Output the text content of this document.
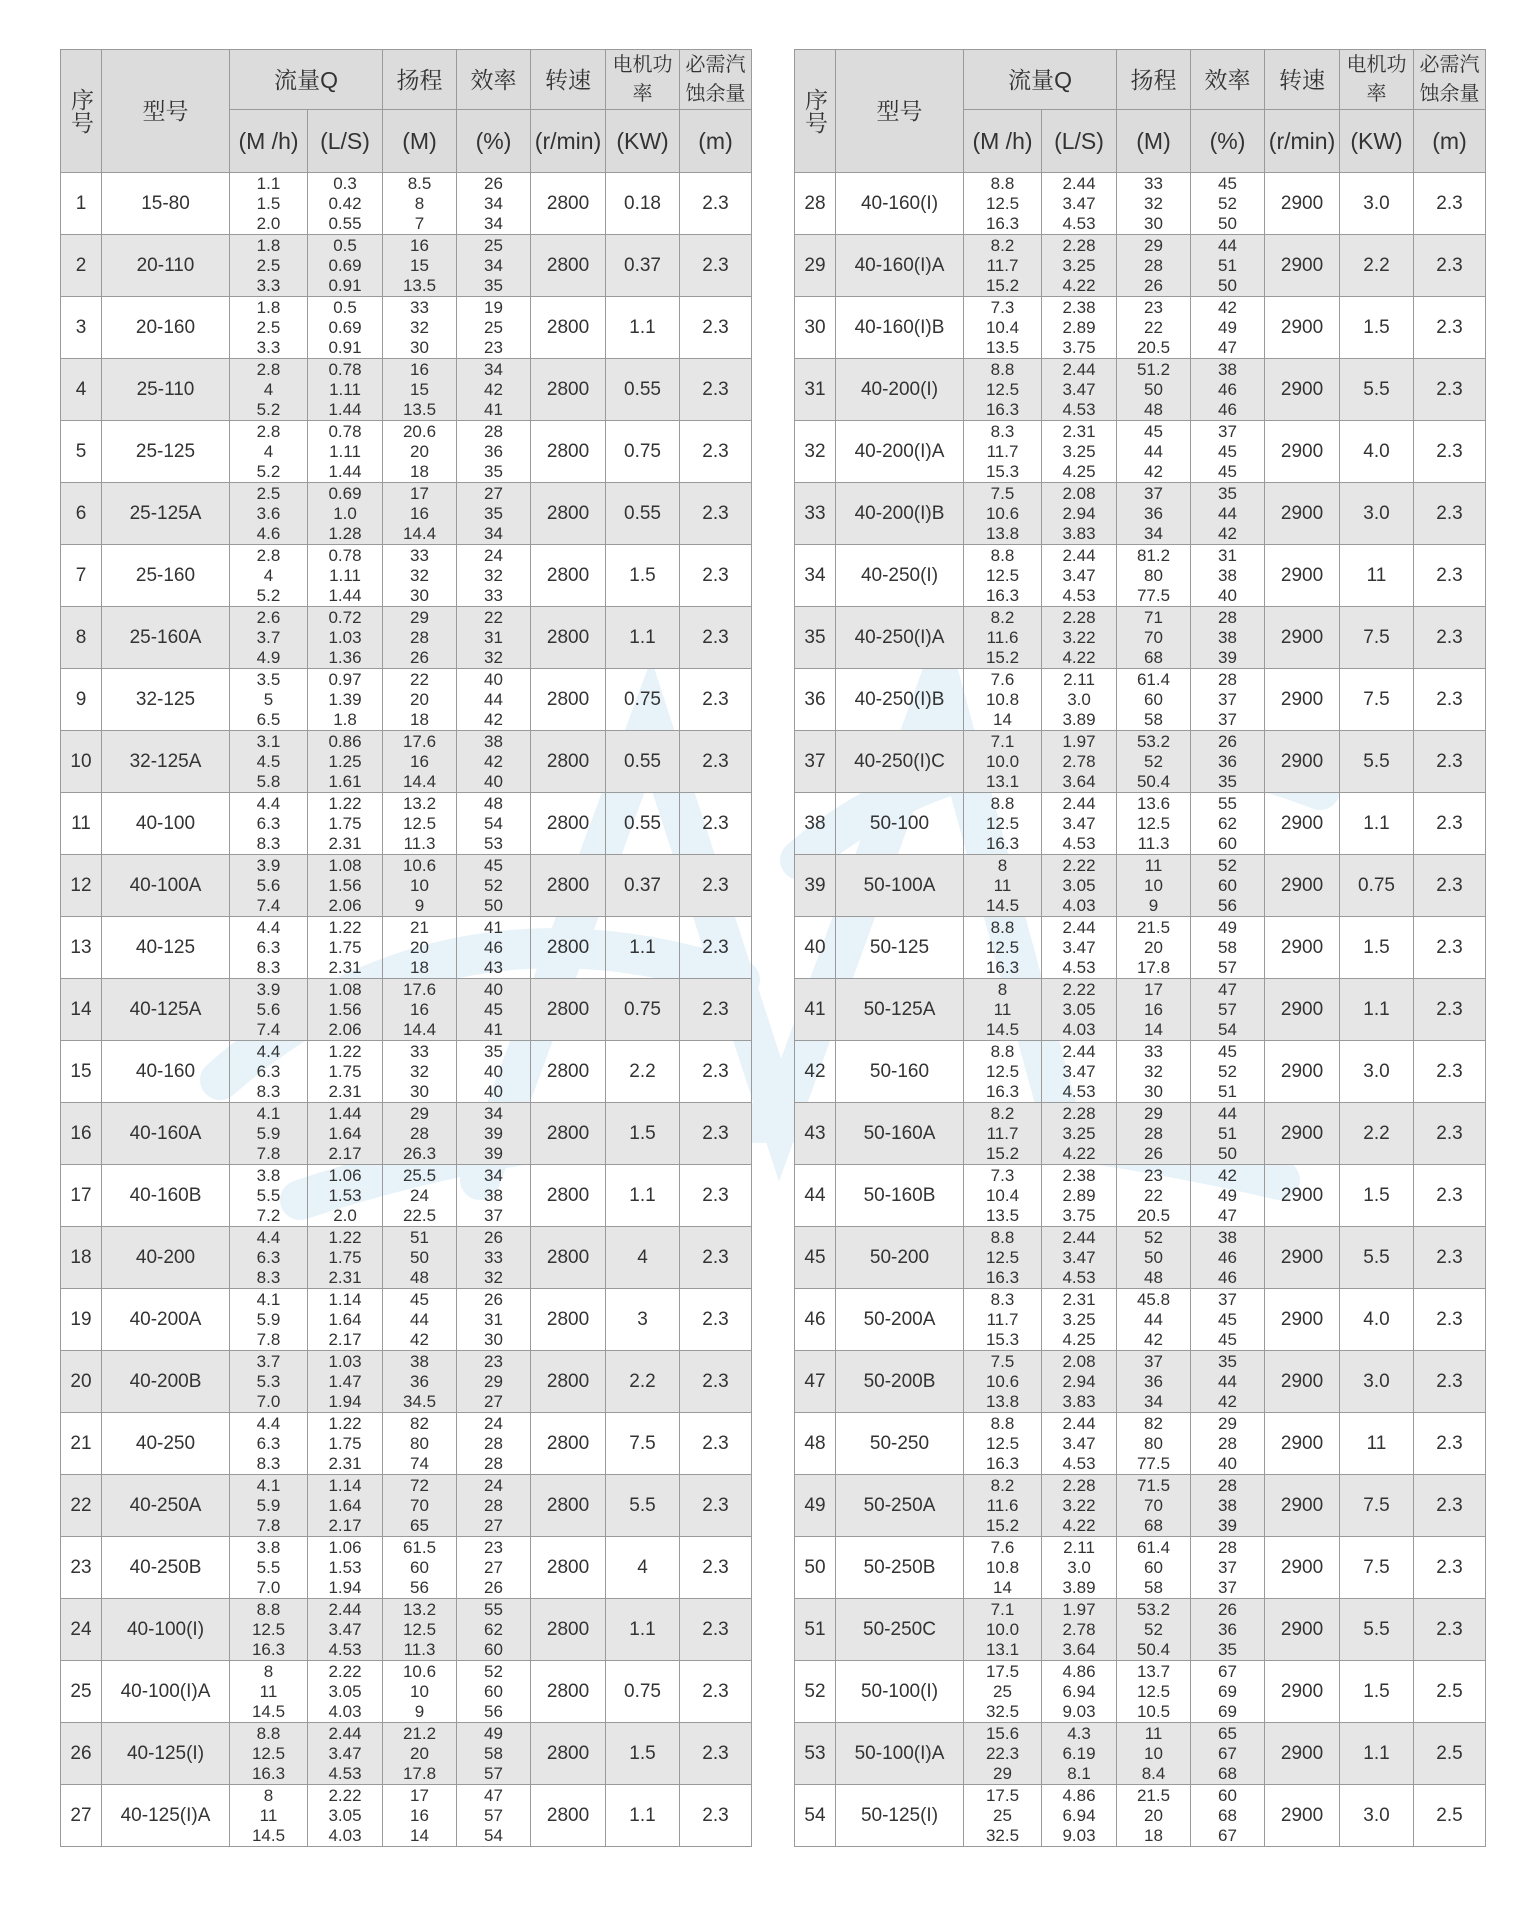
序号	型号	流量Q		扬程	效率	转速	电机功率	必需汽蚀余量
		(M /h)	(L/S)	(M)	(%)	(r/min)	(KW)	(m)
1	15-80	1.1
1.5
2.0	0.3
0.42
0.55	8.5
8
7	26
34
34	2800	0.18	2.3
2	20-110	1.8
2.5
3.3	0.5
0.69
0.91	16
15
13.5	25
34
35	2800	0.37	2.3
3	20-160	1.8
2.5
3.3	0.5
0.69
0.91	33
32
30	19
25
23	2800	1.1	2.3
4	25-110	2.8
4
5.2	0.78
1.11
1.44	16
15
13.5	34
42
41	2800	0.55	2.3
5	25-125	2.8
4
5.2	0.78
1.11
1.44	20.6
20
18	28
36
35	2800	0.75	2.3
6	25-125A	2.5
3.6
4.6	0.69
1.0
1.28	17
16
14.4	27
35
34	2800	0.55	2.3
7	25-160	2.8
4
5.2	0.78
1.11
1.44	33
32
30	24
32
33	2800	1.5	2.3
8	25-160A	2.6
3.7
4.9	0.72
1.03
1.36	29
28
26	22
31
32	2800	1.1	2.3
9	32-125	3.5
5
6.5	0.97
1.39
1.8	22
20
18	40
44
42	2800	0.75	2.3
10	32-125A	3.1
4.5
5.8	0.86
1.25
1.61	17.6
16
14.4	38
42
40	2800	0.55	2.3
11	40-100	4.4
6.3
8.3	1.22
1.75
2.31	13.2
12.5
11.3	48
54
53	2800	0.55	2.3
12	40-100A	3.9
5.6
7.4	1.08
1.56
2.06	10.6
10
9	45
52
50	2800	0.37	2.3
13	40-125	4.4
6.3
8.3	1.22
1.75
2.31	21
20
18	41
46
43	2800	1.1	2.3
14	40-125A	3.9
5.6
7.4	1.08
1.56
2.06	17.6
16
14.4	40
45
41	2800	0.75	2.3
15	40-160	4.4
6.3
8.3	1.22
1.75
2.31	33
32
30	35
40
40	2800	2.2	2.3
16	40-160A	4.1
5.9
7.8	1.44
1.64
2.17	29
28
26.3	34
39
39	2800	1.5	2.3
17	40-160B	3.8
5.5
7.2	1.06
1.53
2.0	25.5
24
22.5	34
38
37	2800	1.1	2.3
18	40-200	4.4
6.3
8.3	1.22
1.75
2.31	51
50
48	26
33
32	2800	4	2.3
19	40-200A	4.1
5.9
7.8	1.14
1.64
2.17	45
44
42	26
31
30	2800	3	2.3
20	40-200B	3.7
5.3
7.0	1.03
1.47
1.94	38
36
34.5	23
29
27	2800	2.2	2.3
21	40-250	4.4
6.3
8.3	1.22
1.75
2.31	82
80
74	24
28
28	2800	7.5	2.3
22	40-250A	4.1
5.9
7.8	1.14
1.64
2.17	72
70
65	24
28
27	2800	5.5	2.3
23	40-250B	3.8
5.5
7.0	1.06
1.53
1.94	61.5
60
56	23
27
26	2800	4	2.3
24	40-100(I)	8.8
12.5
16.3	2.44
3.47
4.53	13.2
12.5
11.3	55
62
60	2800	1.1	2.3
25	40-100(I)A	8
11
14.5	2.22
3.05
4.03	10.6
10
9	52
60
56	2800	0.75	2.3
26	40-125(I)	8.8
12.5
16.3	2.44
3.47
4.53	21.2
20
17.8	49
58
57	2800	1.5	2.3
27	40-125(I)A	8
11
14.5	2.22
3.05
4.03	17
16
14	47
57
54	2800	1.1	2.3
序号	型号	流量Q		扬程	效率	转速	电机功率	必需汽蚀余量
		(M /h)	(L/S)	(M)	(%)	(r/min)	(KW)	(m)
28	40-160(I)	8.8
12.5
16.3	2.44
3.47
4.53	33
32
30	45
52
50	2900	3.0	2.3
29	40-160(I)A	8.2
11.7
15.2	2.28
3.25
4.22	29
28
26	44
51
50	2900	2.2	2.3
30	40-160(I)B	7.3
10.4
13.5	2.38
2.89
3.75	23
22
20.5	42
49
47	2900	1.5	2.3
31	40-200(I)	8.8
12.5
16.3	2.44
3.47
4.53	51.2
50
48	38
46
46	2900	5.5	2.3
32	40-200(I)A	8.3
11.7
15.3	2.31
3.25
4.25	45
44
42	37
45
45	2900	4.0	2.3
33	40-200(I)B	7.5
10.6
13.8	2.08
2.94
3.83	37
36
34	35
44
42	2900	3.0	2.3
34	40-250(I)	8.8
12.5
16.3	2.44
3.47
4.53	81.2
80
77.5	31
38
40	2900	11	2.3
35	40-250(I)A	8.2
11.6
15.2	2.28
3.22
4.22	71
70
68	28
38
39	2900	7.5	2.3
36	40-250(I)B	7.6
10.8
14	2.11
3.0
3.89	61.4
60
58	28
37
37	2900	7.5	2.3
37	40-250(I)C	7.1
10.0
13.1	1.97
2.78
3.64	53.2
52
50.4	26
36
35	2900	5.5	2.3
38	50-100	8.8
12.5
16.3	2.44
3.47
4.53	13.6
12.5
11.3	55
62
60	2900	1.1	2.3
39	50-100A	8
11
14.5	2.22
3.05
4.03	11
10
9	52
60
56	2900	0.75	2.3
40	50-125	8.8
12.5
16.3	2.44
3.47
4.53	21.5
20
17.8	49
58
57	2900	1.5	2.3
41	50-125A	8
11
14.5	2.22
3.05
4.03	17
16
14	47
57
54	2900	1.1	2.3
42	50-160	8.8
12.5
16.3	2.44
3.47
4.53	33
32
30	45
52
51	2900	3.0	2.3
43	50-160A	8.2
11.7
15.2	2.28
3.25
4.22	29
28
26	44
51
50	2900	2.2	2.3
44	50-160B	7.3
10.4
13.5	2.38
2.89
3.75	23
22
20.5	42
49
47	2900	1.5	2.3
45	50-200	8.8
12.5
16.3	2.44
3.47
4.53	52
50
48	38
46
46	2900	5.5	2.3
46	50-200A	8.3
11.7
15.3	2.31
3.25
4.25	45.8
44
42	37
45
45	2900	4.0	2.3
47	50-200B	7.5
10.6
13.8	2.08
2.94
3.83	37
36
34	35
44
42	2900	3.0	2.3
48	50-250	8.8
12.5
16.3	2.44
3.47
4.53	82
80
77.5	29
28
40	2900	11	2.3
49	50-250A	8.2
11.6
15.2	2.28
3.22
4.22	71.5
70
68	28
38
39	2900	7.5	2.3
50	50-250B	7.6
10.8
14	2.11
3.0
3.89	61.4
60
58	28
37
37	2900	7.5	2.3
51	50-250C	7.1
10.0
13.1	1.97
2.78
3.64	53.2
52
50.4	26
36
35	2900	5.5	2.3
52	50-100(I)	17.5
25
32.5	4.86
6.94
9.03	13.7
12.5
10.5	67
69
69	2900	1.5	2.5
53	50-100(I)A	15.6
22.3
29	4.3
6.19
8.1	11
10
8.4	65
67
68	2900	1.1	2.5
54	50-125(I)	17.5
25
32.5	4.86
6.94
9.03	21.5
20
18	60
68
67	2900	3.0	2.5
